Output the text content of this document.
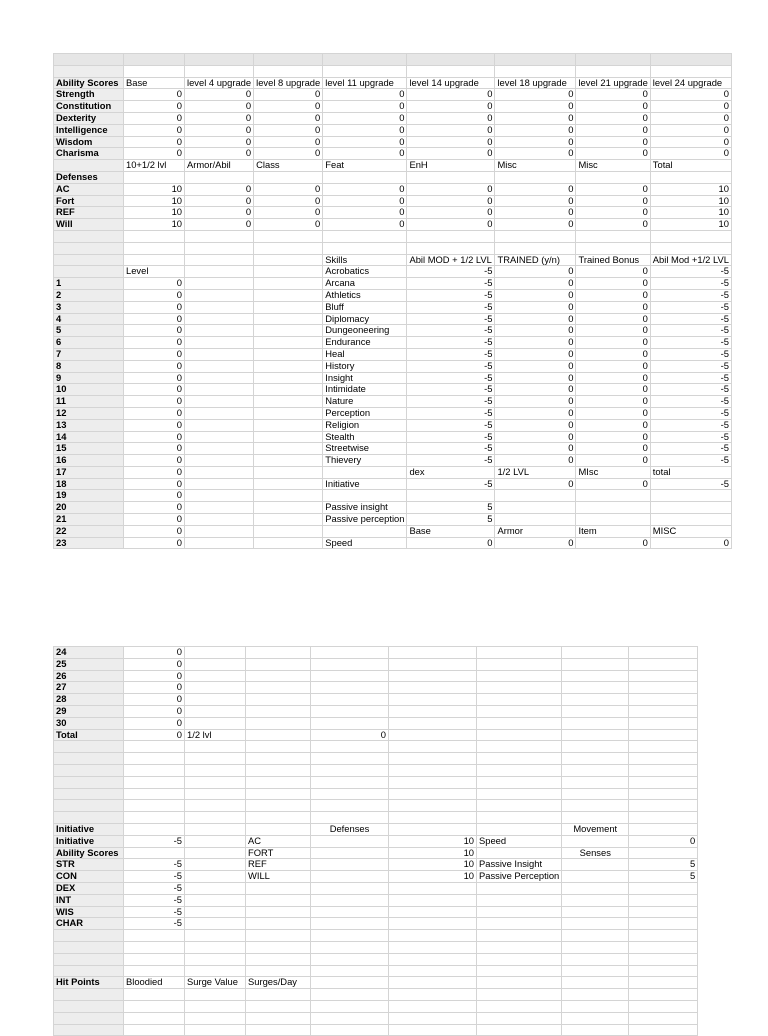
Ability Scores	Base	level 4 upgrade	level 8 upgrade	level 11 upgrade	level 14 upgrade	level 18 upgrade	level 21 upgrade	level 24 upgrade
Strength	0	0	0	0	0	0	0	0
Constitution	0	0	0	0	0	0	0	0
Dexterity	0	0	0	0	0	0	0	0
Intelligence	0	0	0	0	0	0	0	0
Wisdom	0	0	0	0	0	0	0	0
Charisma	0	0	0	0	0	0	0	0
	10+1/2 lvl	Armor/Abil	Class	Feat	EnH	Misc	Misc	Total
Defenses								
AC	10	0	0	0	0	0	0	10
Fort	10	0	0	0	0	0	0	10
REF	10	0	0	0	0	0	0	10
Will	10	0	0	0	0	0	0	10

				Skills	Abil MOD + 1/2 LVL	TRAINED (y/n)	Trained Bonus	Abil Mod +1/2 LVL
	Level			Acrobatics	-5	0	0	-5
1	0			Arcana	-5	0	0	-5
2	0			Athletics	-5	0	0	-5
3	0			Bluff	-5	0	0	-5
4	0			Diplomacy	-5	0	0	-5
5	0			Dungeoneering	-5	0	0	-5
6	0			Endurance	-5	0	0	-5
7	0			Heal	-5	0	0	-5
8	0			History	-5	0	0	-5
9	0			Insight	-5	0	0	-5
10	0			Intimidate	-5	0	0	-5
11	0			Nature	-5	0	0	-5
12	0			Perception	-5	0	0	-5
13	0			Religion	-5	0	0	-5
14	0			Stealth	-5	0	0	-5
15	0			Streetwise	-5	0	0	-5
16	0			Thievery	-5	0	0	-5
17	0				dex	1/2 LVL	MIsc	total
18	0			Initiative	-5	0	0	-5
19	0							
20	0			Passive insight	5			
21	0			Passive perception	5			
22	0				Base	Armor	Item	MISC
23	0			Speed	0	0	0	0
24	0							
25	0							
26	0							
27	0							
28	0							
29	0							
30	0							
Total	0	1/2 lvl		0				

Initiative				Defenses			Movement	
Initiative	-5		AC		10	Speed		0
Ability Scores			FORT		10		Senses	
STR	-5		REF		10	Passive Insight		5
CON	-5		WILL		10	Passive Perception		5
DEX	-5							
INT	-5							
WIS	-5							
CHAR	-5							

Hit Points	Bloodied	Surge Value	Surges/Day					
